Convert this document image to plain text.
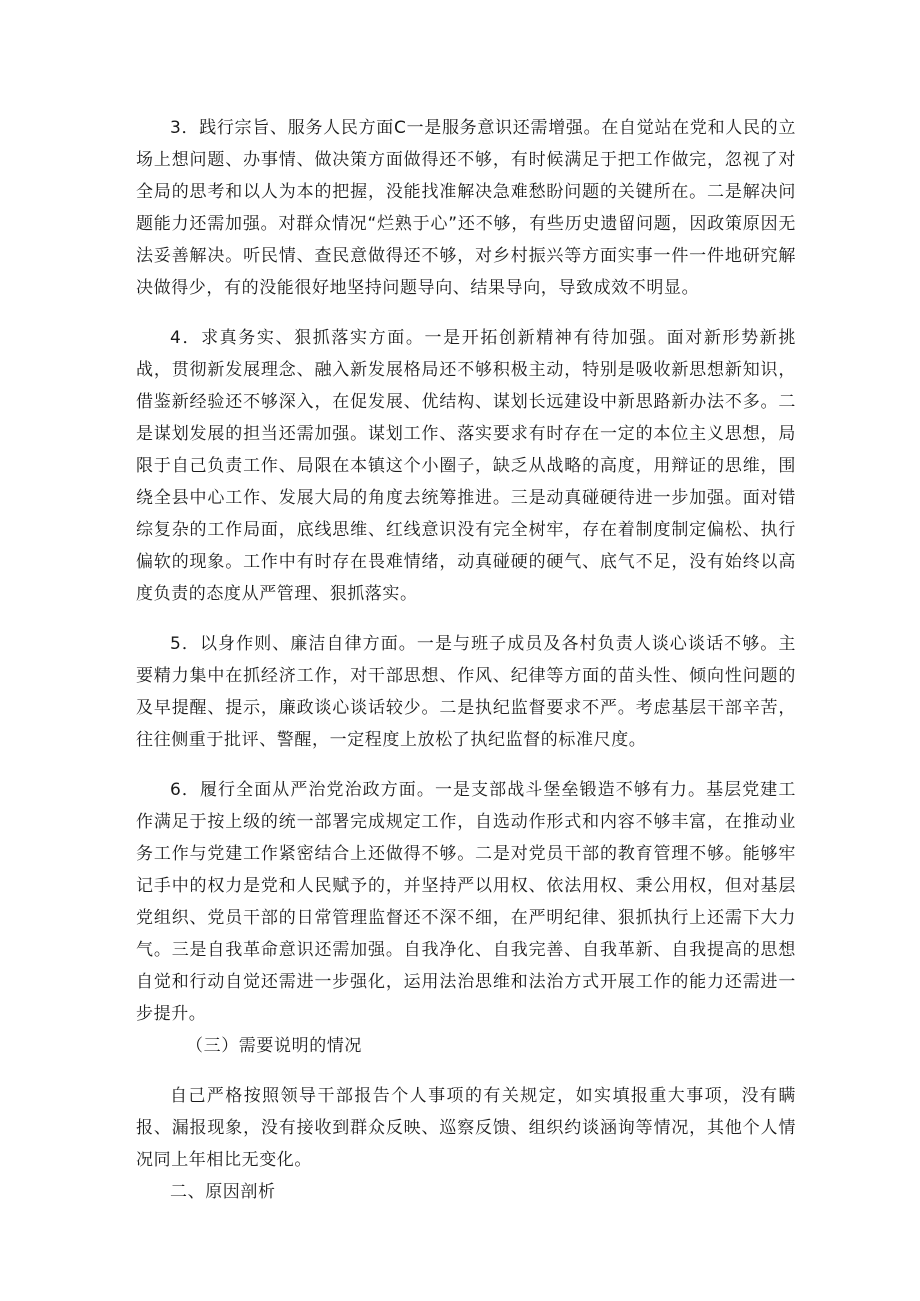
3．践行宗旨、服务人民方面C一是服务意识还需增强。在自觉站在党和人民的立场上想问题、办事情、做决策方面做得还不够，有时候满足于把工作做完，忽视了对全局的思考和以人为本的把握，没能找准解决急难愁盼问题的关键所在。二是解决问题能力还需加强。对群众情况“烂熟于心”还不够，有些历史遗留问题，因政策原因无法妥善解决。听民情、查民意做得还不够，对乡村振兴等方面实事一件一件地研究解决做得少，有的没能很好地坚持问题导向、结果导向，导致成效不明显。

4．求真务实、狠抓落实方面。一是开拓创新精神有待加强。面对新形势新挑战，贯彻新发展理念、融入新发展格局还不够积极主动，特别是吸收新思想新知识，借鉴新经验还不够深入，在促发展、优结构、谋划长远建设中新思路新办法不多。二是谋划发展的担当还需加强。谋划工作、落实要求有时存在一定的本位主义思想，局限于自己负责工作、局限在本镇这个小圈子，缺乏从战略的高度，用辩证的思维，围绕全县中心工作、发展大局的角度去统筹推进。三是动真碰硬待进一步加强。面对错综复杂的工作局面，底线思维、红线意识没有完全树牢，存在着制度制定偏松、执行偏软的现象。工作中有时存在畏难情绪，动真碰硬的硬气、底气不足，没有始终以高度负责的态度从严管理、狠抓落实。

5．以身作则、廉洁自律方面。一是与班子成员及各村负责人谈心谈话不够。主要精力集中在抓经济工作，对干部思想、作风、纪律等方面的苗头性、倾向性问题的及早提醒、提示，廉政谈心谈话较少。二是执纪监督要求不严。考虑基层干部辛苦，往往侧重于批评、警醒，一定程度上放松了执纪监督的标准尺度。

6．履行全面从严治党治政方面。一是支部战斗堡垒锻造不够有力。基层党建工作满足于按上级的统一部署完成规定工作，自选动作形式和内容不够丰富，在推动业务工作与党建工作紧密结合上还做得不够。二是对党员干部的教育管理不够。能够牢记手中的权力是党和人民赋予的，并坚持严以用权、依法用权、秉公用权，但对基层党组织、党员干部的日常管理监督还不深不细，在严明纪律、狠抓执行上还需下大力气。三是自我革命意识还需加强。自我净化、自我完善、自我革新、自我提高的思想自觉和行动自觉还需进一步强化，运用法治思维和法治方式开展工作的能力还需进一步提升。

（三）需要说明的情况

自己严格按照领导干部报告个人事项的有关规定，如实填报重大事项，没有瞒报、漏报现象，没有接收到群众反映、巡察反馈、组织约谈涵询等情况，其他个人情况同上年相比无变化。

二、原因剖析
